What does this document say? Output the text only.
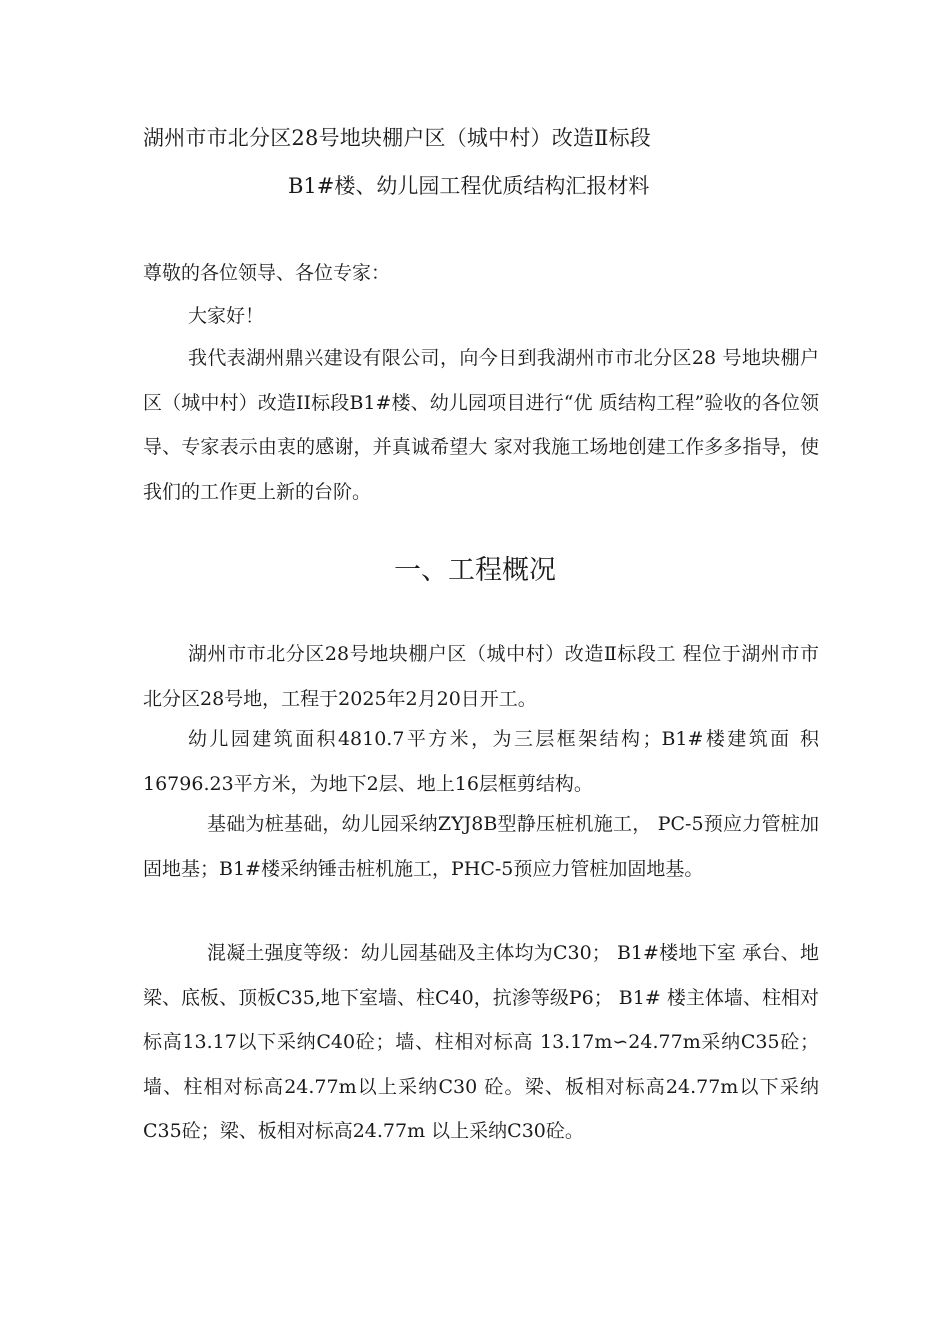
湖州市市北分区28号地块棚户区（城中村）改造Ⅱ标段
B1#楼、幼儿园工程优质结构汇报材料
尊敬的各位领导、各位专家：
大家好！
我代表湖州鼎兴建设有限公司，向今日到我湖州市市北分区28 号地块棚户区（城中村）改造II标段B1#楼、幼儿园项目进行“优 质结构工程”验收的各位领导、专家表示由衷的感谢，并真诚希望大 家对我施工场地创建工作多多指导，使我们的工作更上新的台阶。
一、工程概况
湖州市市北分区28号地块棚户区（城中村）改造Ⅱ标段工 程位于湖州市市北分区28号地，工程于2025年2月20日开工。
幼儿园建筑面积4810.7平方米，为三层框架结构；B1#楼建筑面 积16796.23平方米，为地下2层、地上16层框剪结构。
基础为桩基础，幼儿园采纳ZYJ8B型静压桩机施工， PC-5预应力管桩加固地基；B1#楼采纳锤击桩机施工，PHC-5预应力管桩加固地基。
混凝土强度等级：幼儿园基础及主体均为C30； B1#楼地下室 承台、地梁、底板、顶板C35,地下室墙、柱C40，抗渗等级P6； B1# 楼主体墙、柱相对标高13.17以下采纳C40砼；墙、柱相对标高 13.17m∽24.77m采纳C35砼；墙、柱相对标高24.77m以上采纳C30 砼。梁、板相对标高24.77m以下采纳C35砼；梁、板相对标高24.77m 以上采纳C30砼。
